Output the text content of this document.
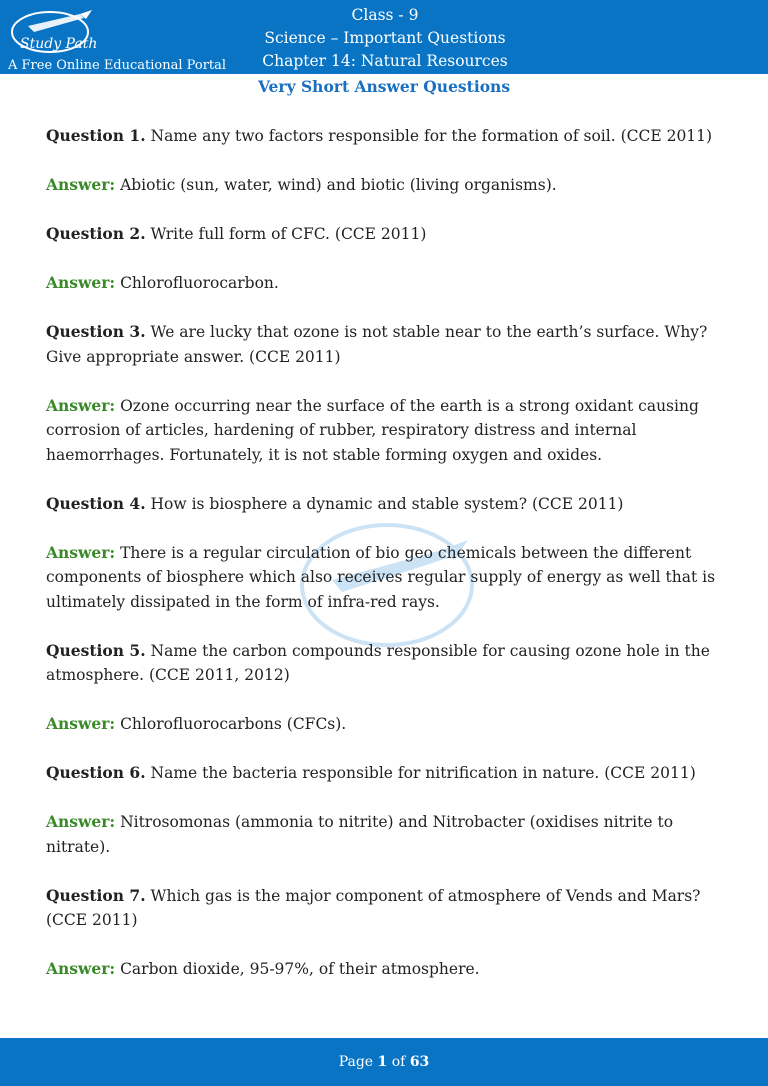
Study Path
A Free Online Educational Portal
Class - 9
Science – Important Questions
Chapter 14: Natural Resources
Very Short Answer Questions

Question 1. Name any two factors responsible for the formation of soil. (CCE 2011)

Answer: Abiotic (sun, water, wind) and biotic (living organisms).

Question 2. Write full form of CFC. (CCE 2011)

Answer: Chlorofluorocarbon.

Question 3. We are lucky that ozone is not stable near to the earth’s surface. Why? Give appropriate answer. (CCE 2011)

Answer: Ozone occurring near the surface of the earth is a strong oxidant causing corrosion of articles, hardening of rubber, respiratory distress and internal haemorrhages. Fortunately, it is not stable forming oxygen and oxides.

Question 4. How is biosphere a dynamic and stable system? (CCE 2011)

Answer: There is a regular circulation of bio geo chemicals between the different components of biosphere which also receives regular supply of energy as well that is ultimately dissipated in the form of infra-red rays.

Question 5. Name the carbon compounds responsible for causing ozone hole in the atmosphere. (CCE 2011, 2012)

Answer: Chlorofluorocarbons (CFCs).

Question 6. Name the bacteria responsible for nitrification in nature. (CCE 2011)

Answer: Nitrosomonas (ammonia to nitrite) and Nitrobacter (oxidises nitrite to nitrate).

Question 7. Which gas is the major component of atmosphere of Vends and Mars? (CCE 2011)

Answer: Carbon dioxide, 95-97%, of their atmosphere.

Page 1 of 63
